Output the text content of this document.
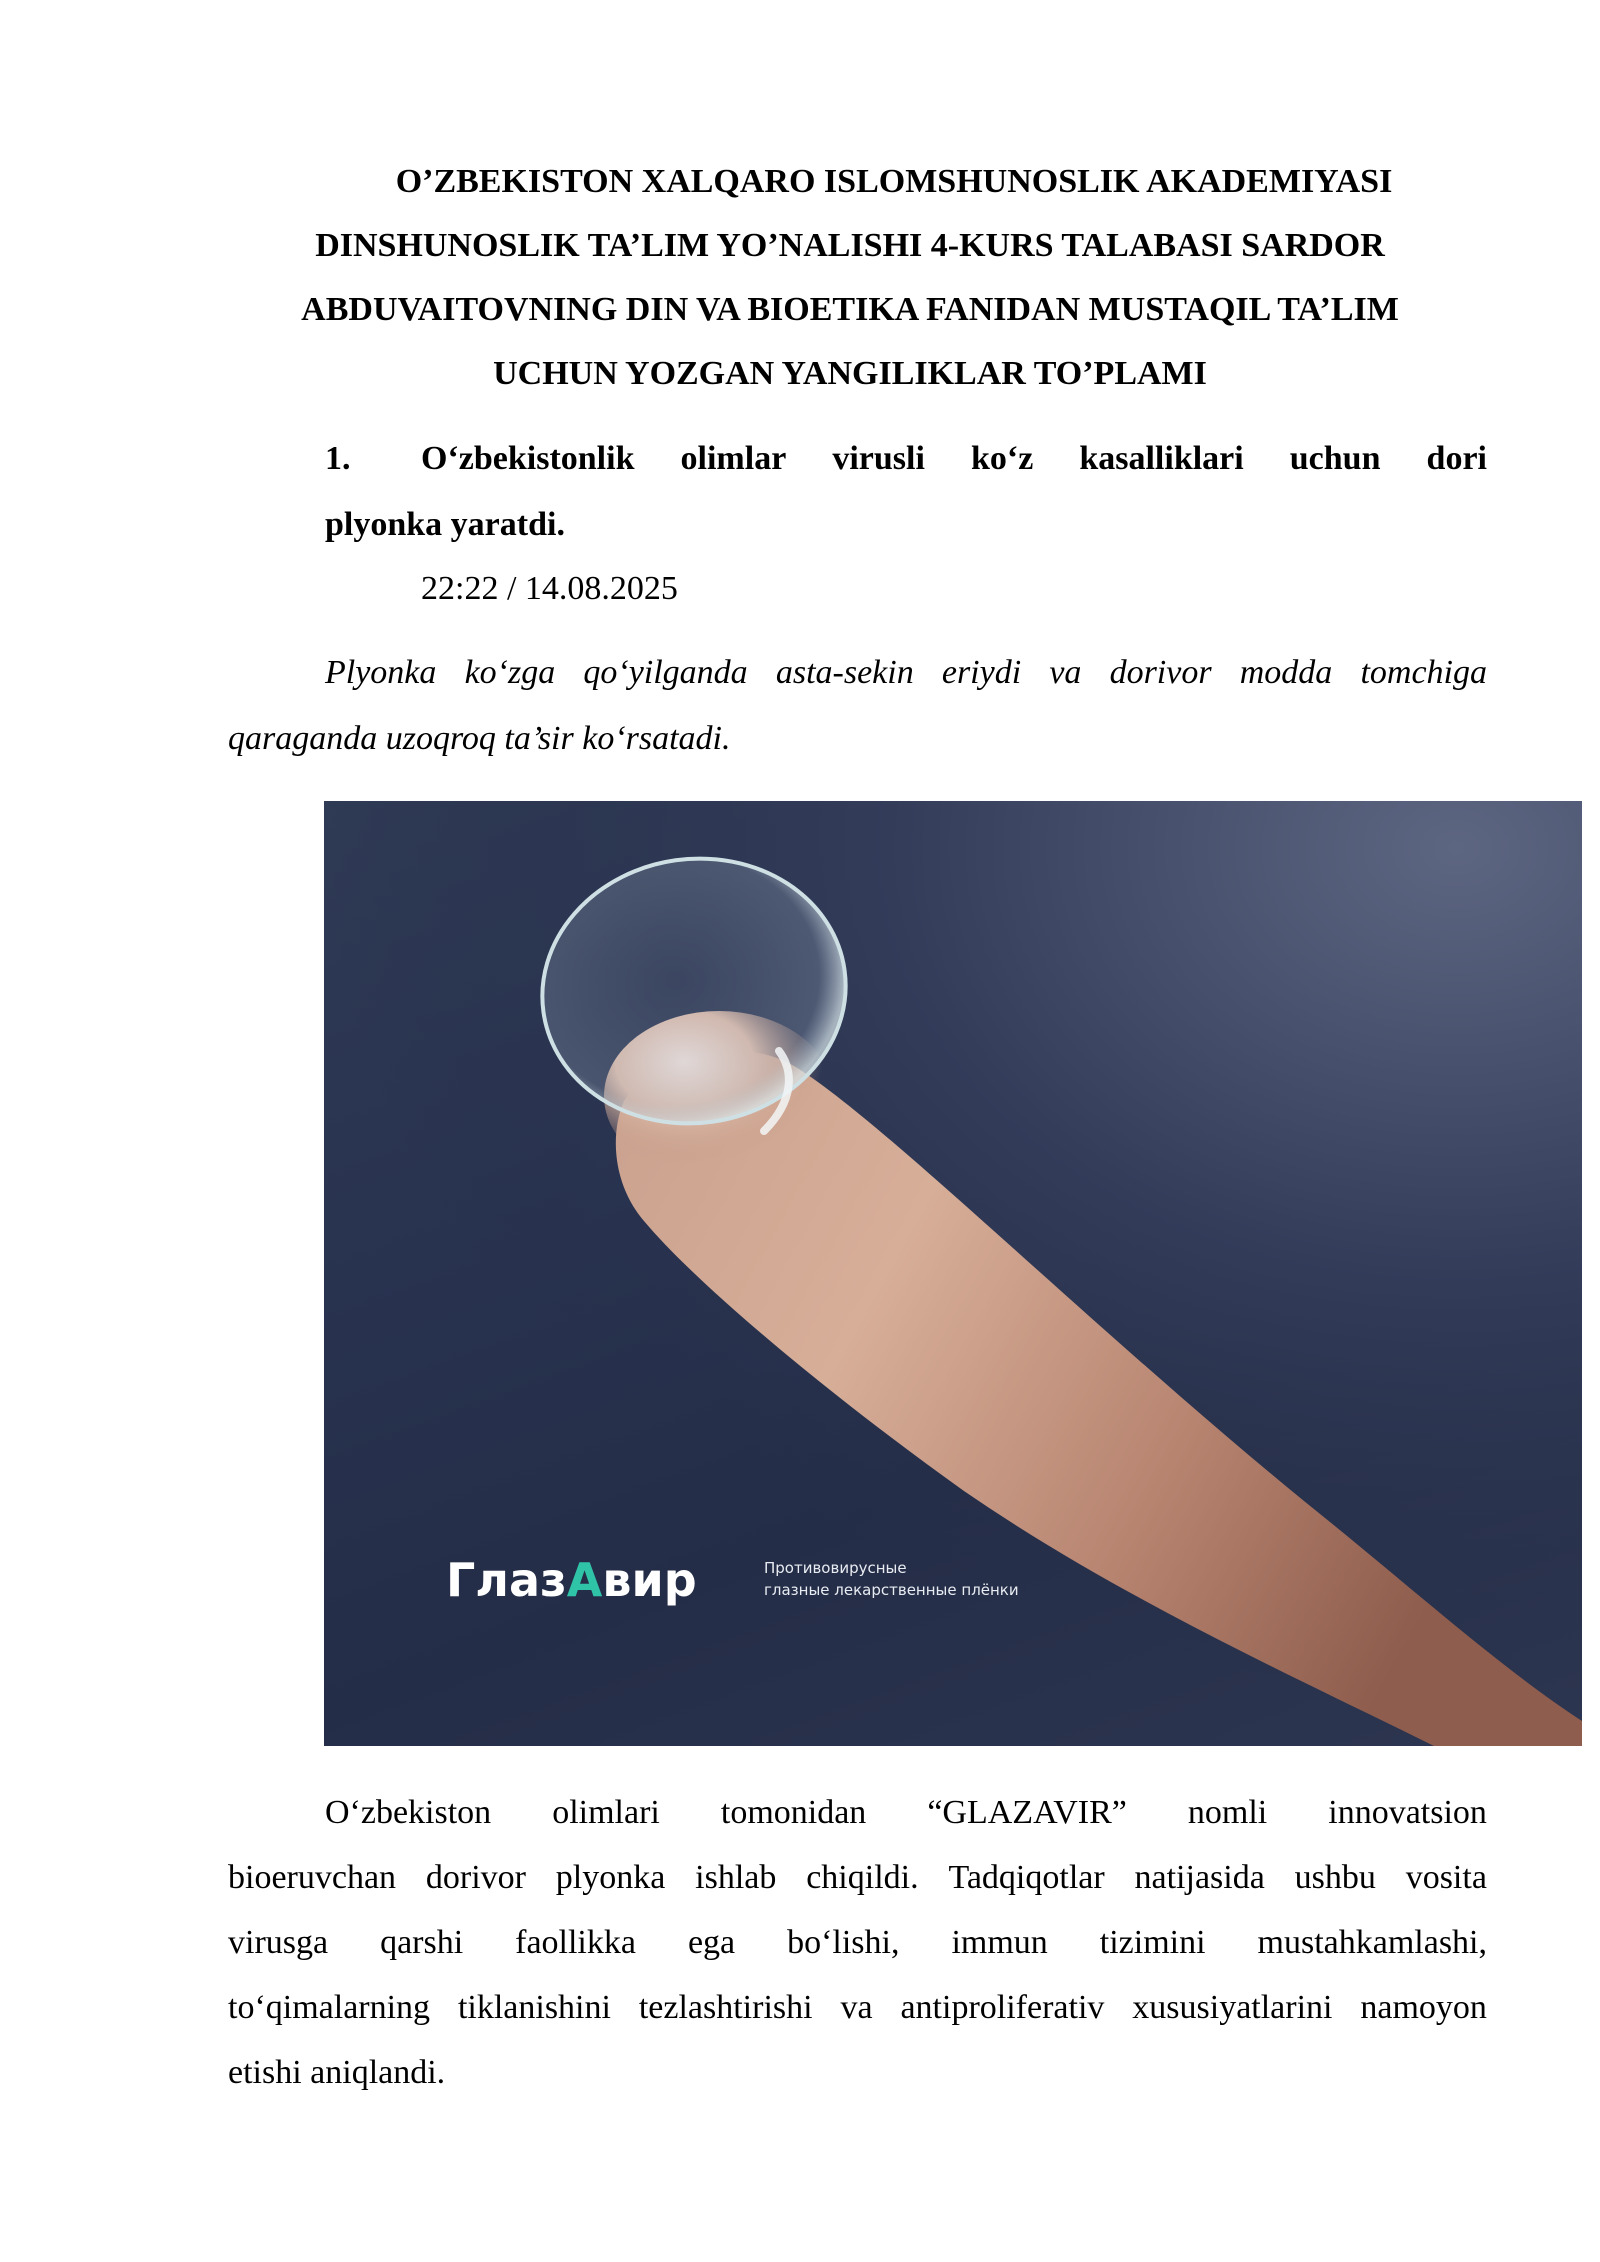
O’ZBEKISTON XALQARO ISLOMSHUNOSLIK AKADEMIYASI
DINSHUNOSLIK TA’LIM YO’NALISHI 4-KURS TALABASI SARDOR
ABDUVAITOVNING DIN VA BIOETIKA FANIDAN MUSTAQIL TA’LIM
UCHUN YOZGAN YANGILIKLAR TO’PLAMI
1.	O‘zbekistonlik olimlar virusli ko‘z kasalliklari uchun dori
plyonka yaratdi.

22:22 / 14.08.2025

Plyonka ko‘zga qo‘yilganda asta-sekin eriydi va dorivor modda tomchiga
qaraganda uzoqroq ta’sir ko‘rsatadi.

ГлазАвир	Противовирусные
глазные лекарственные плёнки

O‘zbekiston olimlari tomonidan “GLAZAVIR” nomli innovatsion
bioeruvchan dorivor plyonka ishlab chiqildi. Tadqiqotlar natijasida ushbu vosita
virusga qarshi faollikka ega bo‘lishi, immun tizimini mustahkamlashi,
to‘qimalarning tiklanishini tezlashtirishi va antiproliferativ xususiyatlarini namoyon
etishi aniqlandi.
